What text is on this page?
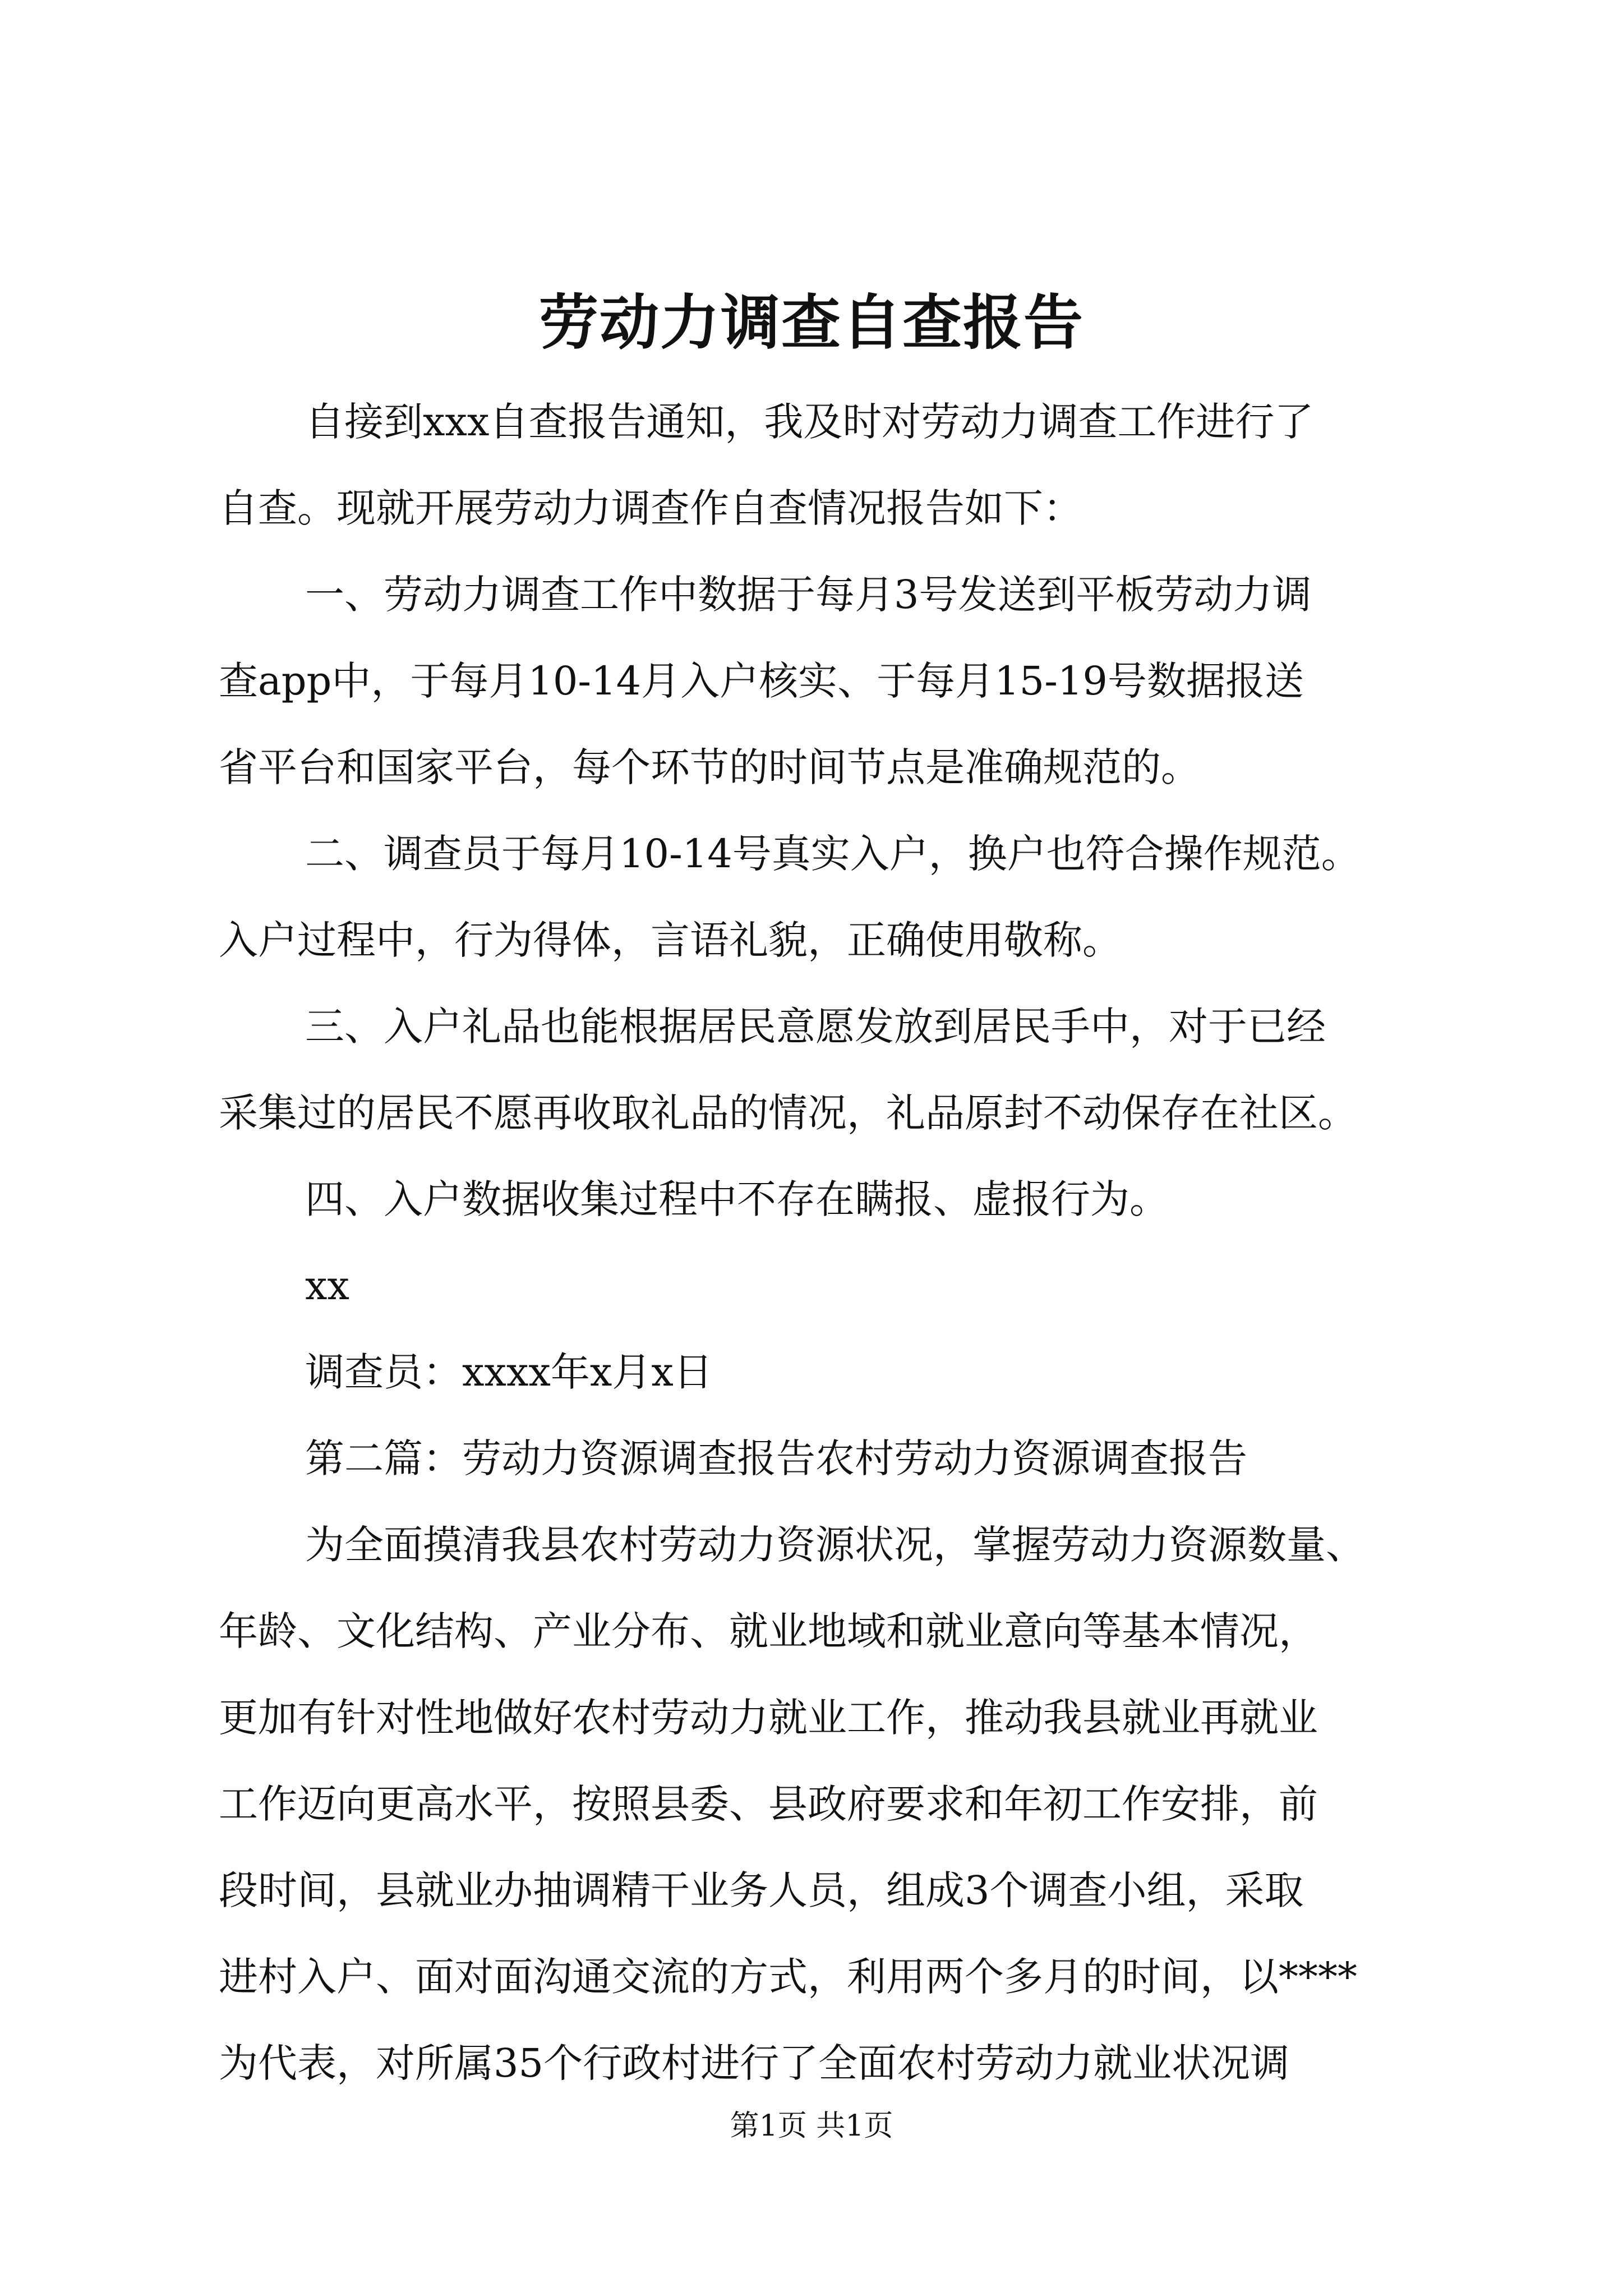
劳动力调查自查报告
自接到xxx自查报告通知，我及时对劳动力调查工作进行了
自查。现就开展劳动力调查作自查情况报告如下：
一、劳动力调查工作中数据于每月3号发送到平板劳动力调
查app中，于每月10-14月入户核实、于每月15-19号数据报送
省平台和国家平台，每个环节的时间节点是准确规范的。
二、调查员于每月10-14号真实入户，换户也符合操作规范。
入户过程中，行为得体，言语礼貌，正确使用敬称。
三、入户礼品也能根据居民意愿发放到居民手中，对于已经
采集过的居民不愿再收取礼品的情况，礼品原封不动保存在社区。
四、入户数据收集过程中不存在瞒报、虚报行为。
xx
调查员：xxxx年x月x日
第二篇：劳动力资源调查报告农村劳动力资源调查报告
为全面摸清我县农村劳动力资源状况，掌握劳动力资源数量、
年龄、文化结构、产业分布、就业地域和就业意向等基本情况，
更加有针对性地做好农村劳动力就业工作，推动我县就业再就业
工作迈向更高水平，按照县委、县政府要求和年初工作安排，前
段时间，县就业办抽调精干业务人员，组成3个调查小组，采取
进村入户、面对面沟通交流的方式，利用两个多月的时间，以****
为代表，对所属35个行政村进行了全面农村劳动力就业状况调
第1页 共1页
